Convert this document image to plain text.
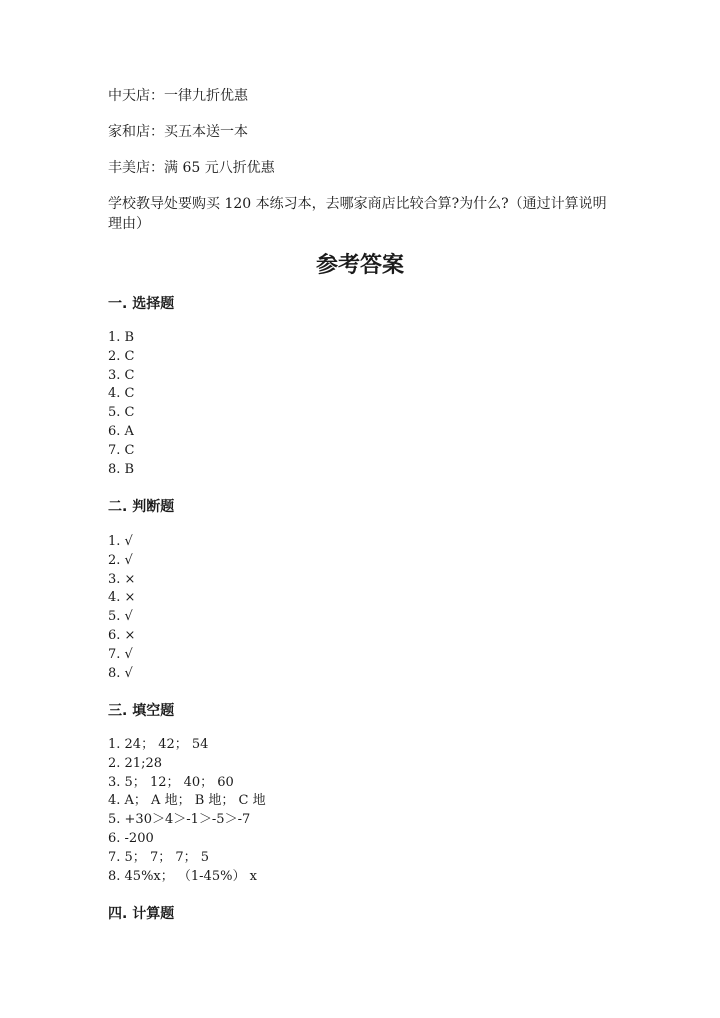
中天店：一律九折优惠
家和店：买五本送一本
丰美店：满 65 元八折优惠
学校教导处要购买 120 本练习本，去哪家商店比较合算?为什么?（通过计算说明理由）
参考答案
一. 选择题
1. B
2. C
3. C
4. C
5. C
6. A
7. C
8. B
二. 判断题
1. √
2. √
3. ×
4. ×
5. √
6. ×
7. √
8. √
三. 填空题
1. 24； 42； 54
2. 21;28
3. 5； 12； 40； 60
4. A； A 地； B 地； C 地
5. +30＞4＞-1＞-5＞-7
6. -200
7. 5； 7； 7； 5
8. 45%x； （1-45%） x
四. 计算题
